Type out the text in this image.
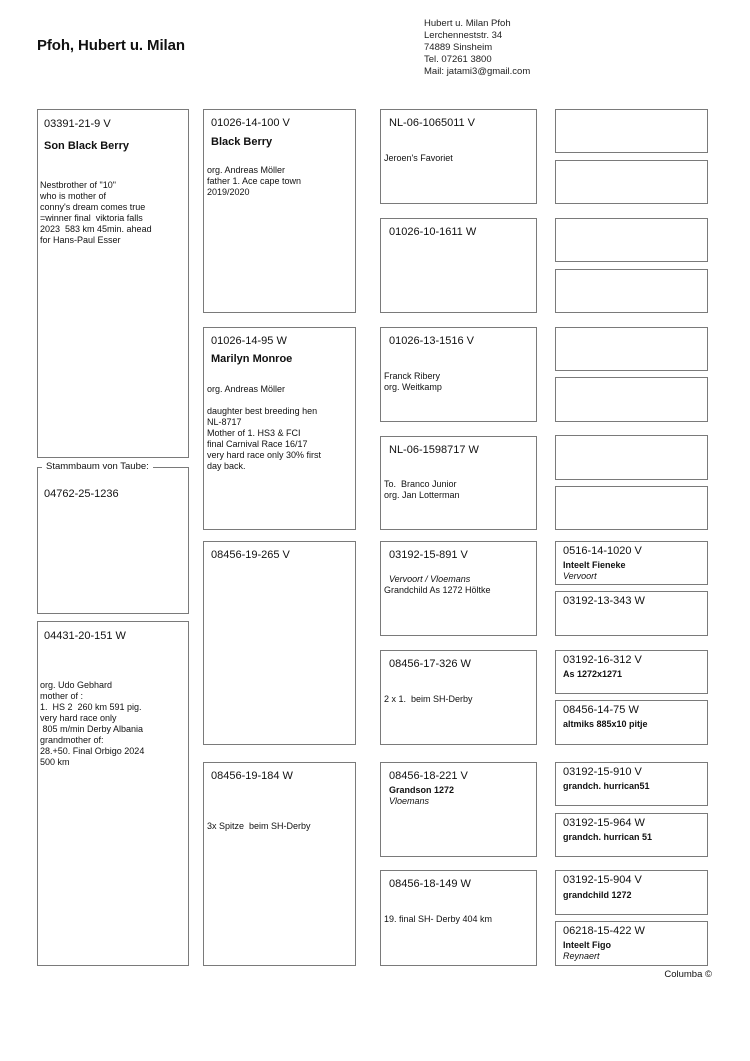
Pfoh, Hubert u. Milan
Hubert u. Milan Pfoh
Lerchenneststr. 34
74889 Sinsheim
Tel. 07261 3800
Mail: jatami3@gmail.com
03391-21-9 V
Son Black Berry
Nestbrother of "10"
who is mother of
conny's dream comes true
=winner final  viktoria falls
2023  583 km 45min. ahead
for Hans-Paul Esser
Stammbaum von Taube:
04762-25-1236
04431-20-151 W
org. Udo Gebhard
mother of :
1.  HS 2  260 km 591 pig.
very hard race only
805 m/min Derby Albania
grandmother of:
28.+50. Final Orbigo 2024
500 km
01026-14-100 V
Black Berry
org. Andreas Möller
father 1. Ace cape town
2019/2020
01026-14-95 W
Marilyn Monroe
org. Andreas Möller

daughter best breeding hen
NL-8717
Mother of 1. HS3 & FCI
final Carnival Race 16/17
very hard race only 30% first
day back.
08456-19-265 V
08456-19-184 W
3x Spitze  beim SH-Derby
NL-06-1065011 V
Jeroen's Favoriet
01026-10-1611 W
01026-13-1516 V
Franck Ribery
org. Weitkamp
NL-06-1598717 W
To.  Branco Junior
org. Jan Lotterman
03192-15-891 V
Vervoort / Vloemans
Grandchild As 1272 Höltke
08456-17-326 W
2 x 1.  beim SH-Derby
08456-18-221 V
Grandson 1272
Vloemans
08456-18-149 W
19. final SH- Derby 404 km
0516-14-1020 V
Inteelt Fieneke
Vervoort
03192-13-343 W
03192-16-312 V
As 1272x1271
08456-14-75 W
altmiks 885x10 pitje
03192-15-910 V
grandch. hurrican51
03192-15-964 W
grandch. hurrican 51
03192-15-904 V
grandchild 1272
06218-15-422 W
Inteelt Figo
Reynaert
Columba ©
